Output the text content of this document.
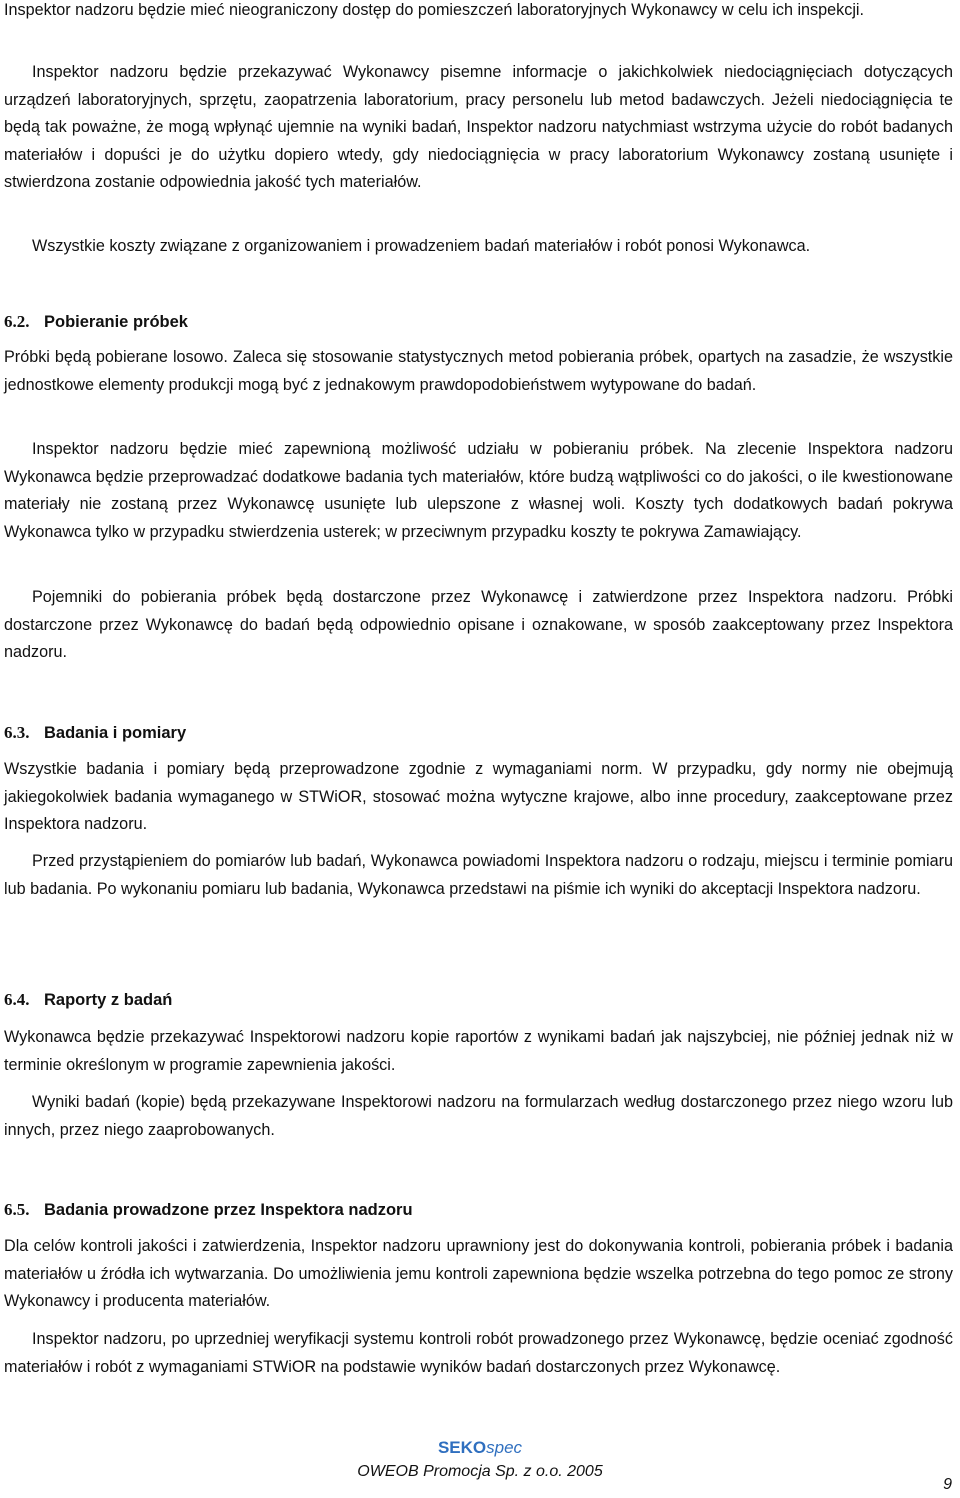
Inspektor nadzoru będzie mieć nieograniczony dostęp do pomieszczeń laboratoryjnych Wykonawcy w celu ich inspekcji.

Inspektor nadzoru będzie przekazywać Wykonawcy pisemne informacje o jakichkolwiek niedociągnięciach dotyczących urządzeń laboratoryjnych, sprzętu, zaopatrzenia laboratorium, pracy personelu lub metod badawczych. Jeżeli niedociągnięcia te będą tak poważne, że mogą wpłynąć ujemnie na wyniki badań, Inspektor nadzoru natychmiast wstrzyma użycie do robót badanych materiałów i dopuści je do użytku dopiero wtedy, gdy niedociągnięcia w pracy laboratorium Wykonawcy zostaną usunięte i stwierdzona zostanie odpowiednia jakość tych materiałów.

Wszystkie koszty związane z organizowaniem i prowadzeniem badań materiałów i robót ponosi Wykonawca.

6.2. Pobieranie próbek

Próbki będą pobierane losowo. Zaleca się stosowanie statystycznych metod pobierania próbek, opartych na zasadzie, że wszystkie jednostkowe elementy produkcji mogą być z jednakowym prawdopodobieństwem wytypowane do badań.

Inspektor nadzoru będzie mieć zapewnioną możliwość udziału w pobieraniu próbek. Na zlecenie Inspektora nadzoru Wykonawca będzie przeprowadzać dodatkowe badania tych materiałów, które budzą wątpliwości co do jakości, o ile kwestionowane materiały nie zostaną przez Wykonawcę usunięte lub ulepszone z własnej woli. Koszty tych dodatkowych badań pokrywa Wykonawca tylko w przypadku stwierdzenia usterek; w przeciwnym przypadku koszty te pokrywa Zamawiający.

Pojemniki do pobierania próbek będą dostarczone przez Wykonawcę i zatwierdzone przez Inspektora nadzoru. Próbki dostarczone przez Wykonawcę do badań będą odpowiednio opisane i oznakowane, w sposób zaakceptowany przez Inspektora nadzoru.

6.3. Badania i pomiary

Wszystkie badania i pomiary będą przeprowadzone zgodnie z wymaganiami norm. W przypadku, gdy normy nie obejmują jakiegokolwiek badania wymaganego w STWiOR, stosować można wytyczne krajowe, albo inne procedury, zaakceptowane przez Inspektora nadzoru.

Przed przystąpieniem do pomiarów lub badań, Wykonawca powiadomi Inspektora nadzoru o rodzaju, miejscu i terminie pomiaru lub badania. Po wykonaniu pomiaru lub badania, Wykonawca przedstawi na piśmie ich wyniki do akceptacji Inspektora nadzoru.

6.4. Raporty z badań

Wykonawca będzie przekazywać Inspektorowi nadzoru kopie raportów z wynikami badań jak najszybciej, nie później jednak niż w terminie określonym w programie zapewnienia jakości.

Wyniki badań (kopie) będą przekazywane Inspektorowi nadzoru na formularzach według dostarczonego przez niego wzoru lub innych, przez niego zaaprobowanych.

6.5. Badania prowadzone przez Inspektora nadzoru

Dla celów kontroli jakości i zatwierdzenia, Inspektor nadzoru uprawniony jest do dokonywania kontroli, pobierania próbek i badania materiałów u źródła ich wytwarzania. Do umożliwienia jemu kontroli zapewniona będzie wszelka potrzebna do tego pomoc ze strony Wykonawcy i producenta materiałów.

Inspektor nadzoru, po uprzedniej weryfikacji systemu kontroli robót prowadzonego przez Wykonawcę, będzie oceniać zgodność materiałów i robót z wymaganiami STWiOR na podstawie wyników badań dostarczonych przez Wykonawcę.

SEKOspec
OWEOB Promocja Sp. z o.o. 2005
9
